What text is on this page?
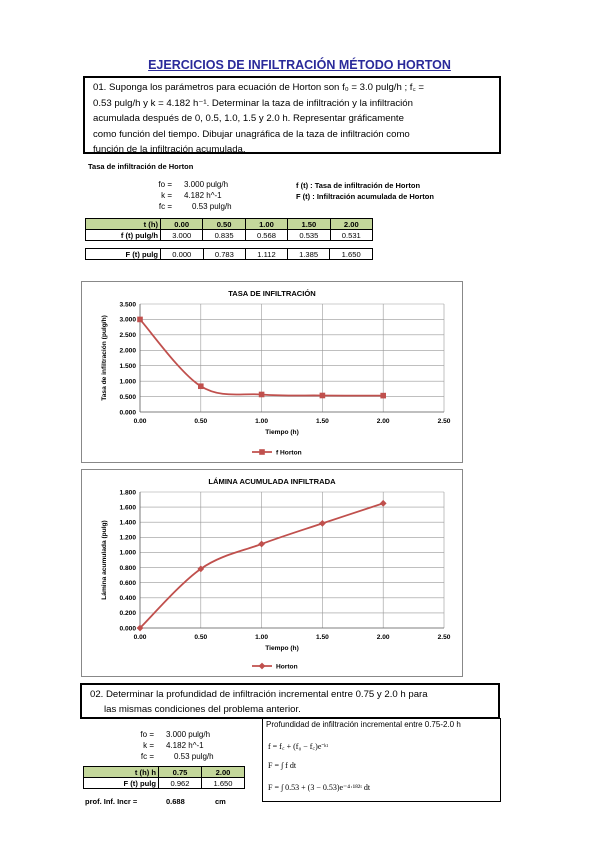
EJERCICIOS DE INFILTRACIÓN MÉTODO HORTON
01. Suponga los parámetros para ecuación de Horton son f₀ = 3.0 pulg/h ; f꜀ =
0.53 pulg/h y k = 4.182 h⁻¹. Determinar la taza de infiltración y la infiltración
acumulada después de 0, 0.5, 1.0, 1.5 y 2.0 h. Representar gráficamente
como función del tiempo. Dibujar unagráfica de la taza de infiltración como
función de la infiltración acumulada.
Tasa de infiltración de Horton
fo = 3.000 pulg/h
k = 4.182 h^-1
fc =	0.53 pulg/h
f (t) : Tasa de infiltración de Horton
F (t) : Infiltración acumulada de Horton
t (h)	0.00	0.50	1.00	1.50	2.00
f (t) pulg/h	3.000	0.835	0.568	0.535	0.531
F (t) pulg	0.000	0.783	1.112	1.385	1.650
TASA DE INFILTRACIÓN
0.000
0.500
1.000
1.500
2.000
2.500
3.000
3.500
0.00	0.50	1.00	1.50	2.00	2.50
Tiempo (h)
Tasa de infiltración (pulg/h)
f Horton
LÁMINA ACUMULADA INFILTRADA
0.000
0.200
0.400
0.600
0.800
1.000
1.200
1.400
1.600
1.800
0.00	0.50	1.00	1.50	2.00	2.50
Tiempo (h)
Lámina acumulada (pulg)
Horton
02. Determinar la profundidad de infiltración incremental entre 0.75 y 2.0 h para
las mismas condiciones del problema anterior.
fo = 3.000 pulg/h
k = 4.182 h^-1
fc =	0.53 pulg/h
t (h) h	0.75	2.00
F (t) pulg	0.962	1.650
prof. Inf. Incr =	0.688	cm
Profundidad de infiltración incremental entre 0.75-2.0 h
f = f꜀ + (f₀ − f꜀)e⁻ᵏᵗ
F = ∫ f dt
F = ∫ 0.53 + (3 − 0.53)e⁻⁴·¹⁸²ᵗ dt
